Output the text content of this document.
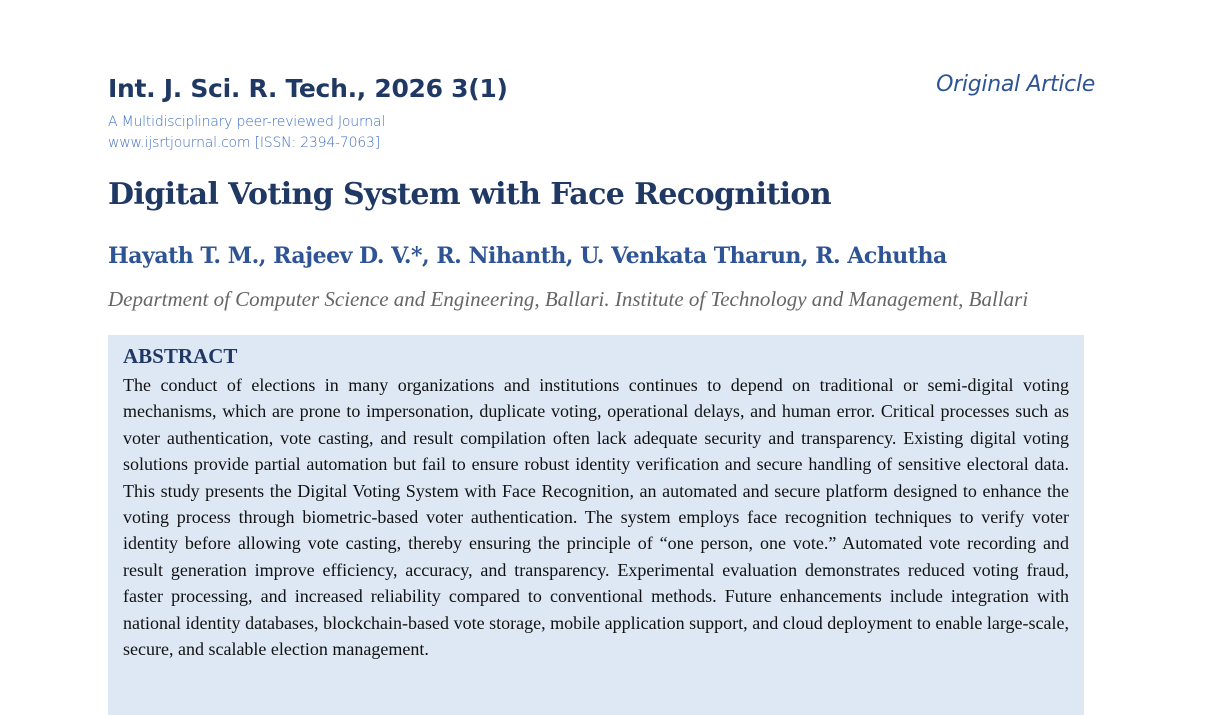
Int. J. Sci. R. Tech., 2026 3(1)
A Multidisciplinary peer-reviewed Journal
www.ijsrtjournal.com [ISSN: 2394-7063]
Original Article
Digital Voting System with Face Recognition
Hayath T. M., Rajeev D. V.*, R. Nihanth, U. Venkata Tharun, R. Achutha
Department of Computer Science and Engineering, Ballari. Institute of Technology and Management, Ballari
ABSTRACT

The conduct of elections in many organizations and institutions continues to depend on traditional or semi-digital voting mechanisms, which are prone to impersonation, duplicate voting, operational delays, and human error. Critical processes such as voter authentication, vote casting, and result compilation often lack adequate security and transparency. Existing digital voting solutions provide partial automation but fail to ensure robust identity verification and secure handling of sensitive electoral data. This study presents the Digital Voting System with Face Recognition, an automated and secure platform designed to enhance the voting process through biometric-based voter authentication. The system employs face recognition techniques to verify voter identity before allowing vote casting, thereby ensuring the principle of “one person, one vote.” Automated vote recording and result generation improve efficiency, accuracy, and transparency. Experimental evaluation demonstrates reduced voting fraud, faster processing, and increased reliability compared to conventional methods. Future enhancements include integration with national identity databases, blockchain-based vote storage, mobile application support, and cloud deployment to enable large-scale, secure, and scalable election management.
